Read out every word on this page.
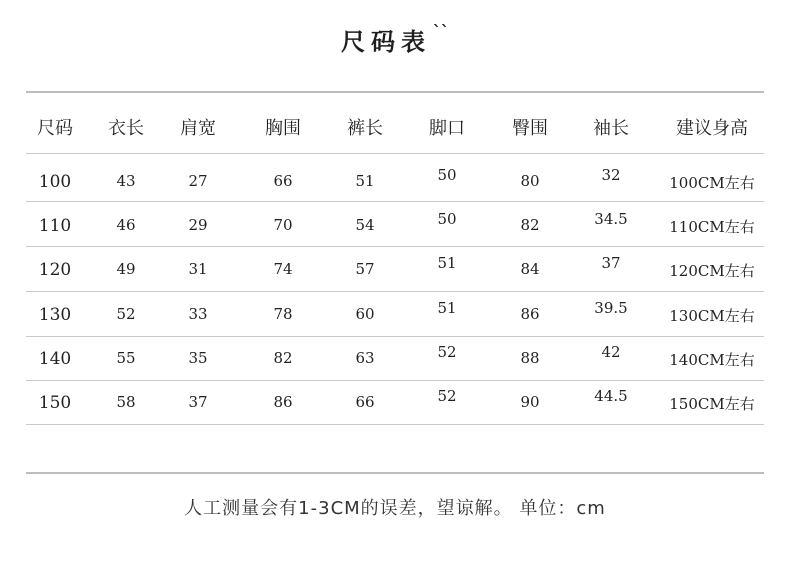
尺码表 $^{ˋˋ}$
尺码	衣长	肩宽	胸围	裤长	脚口	臀围	袖长	建议身高
100	43	27	66	51	50	80	32	100CM左右
110	46	29	70	54	50	82	34.5	110CM左右
120	49	31	74	57	51	84	37	120CM左右
130	52	33	78	60	51	86	39.5	130CM左右
140	55	35	82	63	52	88	42	140CM左右
150	58	37	86	66	52	90	44.5	150CM左右
人工测量会有1-3CM的误差，望谅解。 单位：cm
